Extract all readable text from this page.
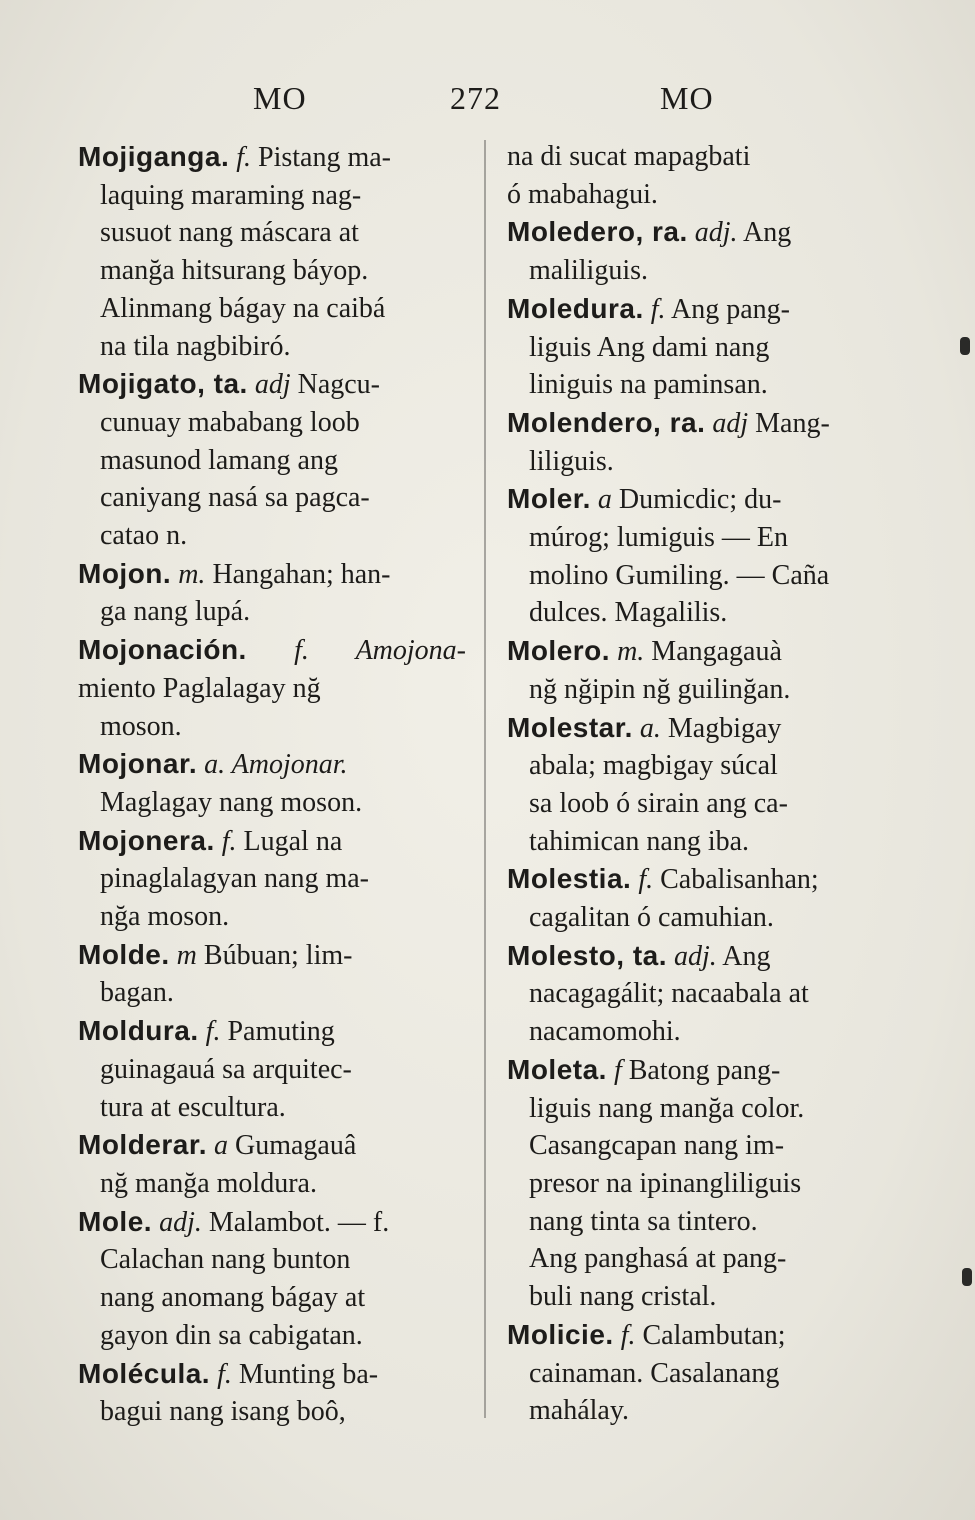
MO	272	MO
Mojiganga. f. Pistang ma-
laquing maraming nag-
susuot nang máscara at
manğa hitsurang báyop.
Alinmang bágay na caibá
na tila nagbibiró.
Mojigato, ta. adj Nagcu-
cunuay mababang loob
masunod lamang ang
caniyang nasá sa pagca-
catao n.
Mojon. m. Hangahan; han-
ga nang lupá.
Mojonación. f. Amojona- miento Paglalagay nğ
moson.
Mojonar. a. Amojonar.
Maglagay nang moson.
Mojonera. f. Lugal na
pinaglalagyan nang ma-
nğa moson.
Molde. m Búbuan; lim-
bagan.
Moldura. f. Pamuting
guinagauá sa arquitec-
tura at escultura.
Molderar. a Gumagauâ
nğ manğa moldura.
Mole. adj. Malambot. — f.
Calachan nang bunton
nang anomang bágay at
gayon din sa cabigatan.
Molécula. f. Munting ba-
bagui nang isang boô,
na di sucat mapagbati
ó mabahagui.
Moledero, ra. adj. Ang
maliliguis.
Moledura. f. Ang pang-
liguis Ang dami nang
liniguis na paminsan.
Molendero, ra. adj Mang-
liliguis.
Moler. a Dumicdic; du-
múrog; lumiguis — En
molino Gumiling. — Caña
dulces. Magalilis.
Molero. m. Mangagauà
nğ nğipin nğ guilinğan.
Molestar. a. Magbigay
abala; magbigay súcal
sa loob ó sirain ang ca-
tahimican nang iba.
Molestia. f. Cabalisanhan;
cagalitan ó camuhian.
Molesto, ta. adj. Ang
nacagagálit; nacaabala at
nacamomohi.
Moleta. f Batong pang-
liguis nang manğa color.
Casangcapan nang im-
presor na ipinangliliguis
nang tinta sa tintero.
Ang panghasá at pang-
buli nang cristal.
Molicie. f. Calambutan;
cainaman. Casalanang
mahálay.
